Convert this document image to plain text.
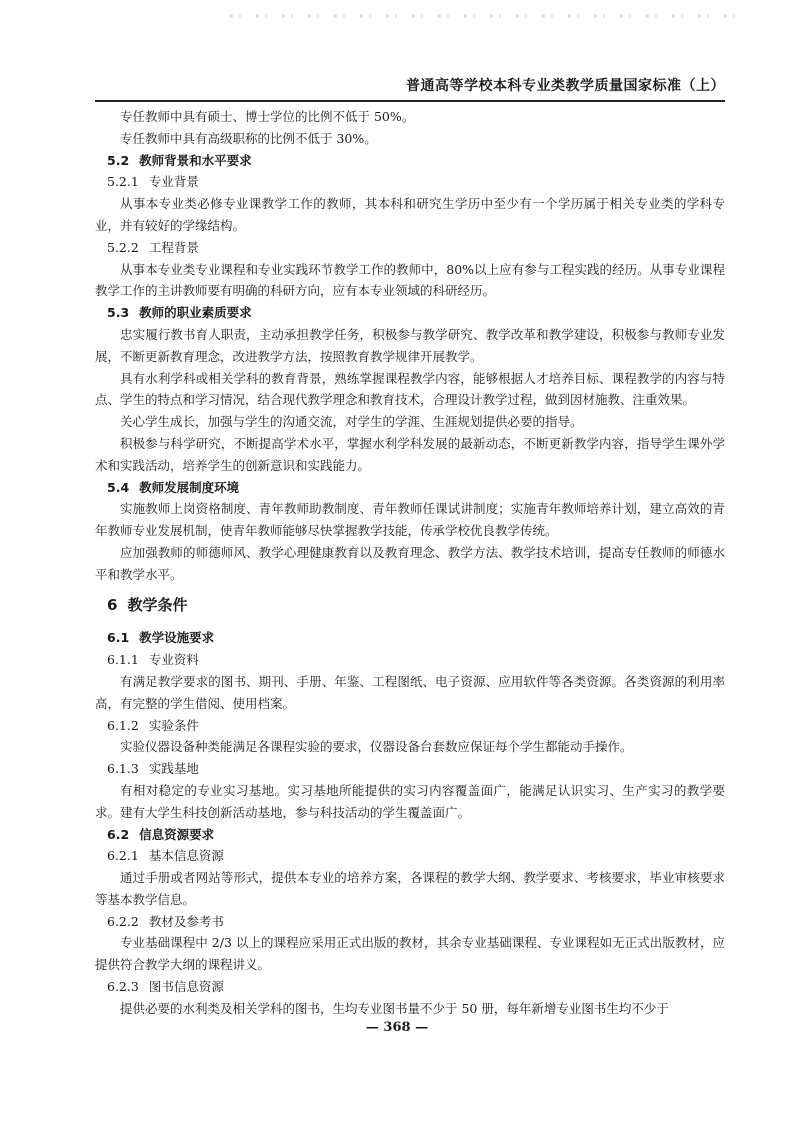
普通高等学校本科专业类教学质量国家标准（上）

专任教师中具有硕士、博士学位的比例不低于 50%。

专任教师中具有高级职称的比例不低于 30%。

5.2 教师背景和水平要求
5.2.1 专业背景

从事本专业类必修专业课教学工作的教师，其本科和研究生学历中至少有一个学历属于相关专业类的学科专业，并有较好的学缘结构。

5.2.2 工程背景

从事本专业类专业课程和专业实践环节教学工作的教师中，80%以上应有参与工程实践的经历。从事专业课程教学工作的主讲教师要有明确的科研方向，应有本专业领域的科研经历。

5.3 教师的职业素质要求

忠实履行教书育人职责，主动承担教学任务，积极参与教学研究、教学改革和教学建设，积极参与教师专业发展，不断更新教育理念，改进教学方法，按照教育教学规律开展教学。

具有水利学科或相关学科的教育背景，熟练掌握课程教学内容，能够根据人才培养目标、课程教学的内容与特点、学生的特点和学习情况，结合现代教学理念和教育技术，合理设计教学过程，做到因材施教、注重效果。

关心学生成长，加强与学生的沟通交流，对学生的学涯、生涯规划提供必要的指导。

积极参与科学研究，不断提高学术水平，掌握水利学科发展的最新动态，不断更新教学内容，指导学生课外学术和实践活动，培养学生的创新意识和实践能力。

5.4 教师发展制度环境

实施教师上岗资格制度、青年教师助教制度、青年教师任课试讲制度；实施青年教师培养计划，建立高效的青年教师专业发展机制，使青年教师能够尽快掌握教学技能，传承学校优良教学传统。

应加强教师的师德师风、教学心理健康教育以及教育理念、教学方法、教学技术培训，提高专任教师的师德水平和教学水平。

6 教学条件
6.1 教学设施要求
6.1.1 专业资料

有满足教学要求的图书、期刊、手册、年鉴、工程图纸、电子资源、应用软件等各类资源。各类资源的利用率高，有完整的学生借阅、使用档案。

6.1.2 实验条件

实验仪器设备种类能满足各课程实验的要求，仪器设备台套数应保证每个学生都能动手操作。

6.1.3 实践基地

有相对稳定的专业实习基地。实习基地所能提供的实习内容覆盖面广，能满足认识实习、生产实习的教学要求。建有大学生科技创新活动基地，参与科技活动的学生覆盖面广。

6.2 信息资源要求
6.2.1 基本信息资源

通过手册或者网站等形式，提供本专业的培养方案，各课程的教学大纲、教学要求、考核要求，毕业审核要求等基本教学信息。

6.2.2 教材及参考书

专业基础课程中 2/3 以上的课程应采用正式出版的教材，其余专业基础课程、专业课程如无正式出版教材，应提供符合教学大纲的课程讲义。

6.2.3 图书信息资源

提供必要的水利类及相关学科的图书，生均专业图书量不少于 50 册，每年新增专业图书生均不少于

— 368 —
